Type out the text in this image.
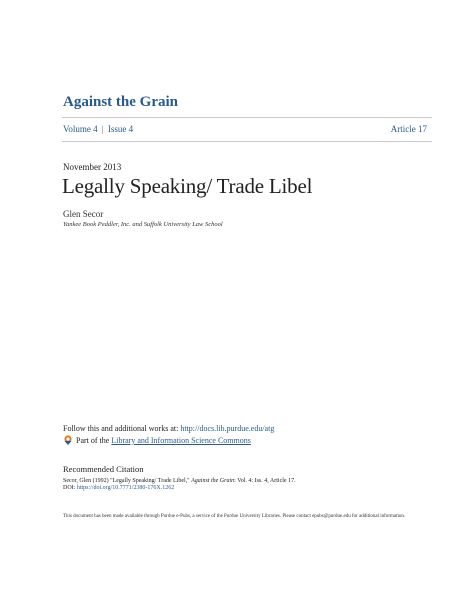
Against the Grain
Volume 4 | Issue 4	Article 17
November 2013
Legally Speaking/ Trade Libel
Glen Secor
Yankee Book Peddler, Inc. and Suffolk University Law School
Follow this and additional works at: http://docs.lib.purdue.edu/atg
Part of the
Library and Information Science Commons
Recommended Citation
Secor, Glen (1992) "Legally Speaking/ Trade Libel," Against the Grain: Vol. 4: Iss. 4, Article 17.
DOI: https://doi.org/10.7771/2380-176X.1262
This document has been made available through Purdue e-Pubs, a service of the Purdue University Libraries. Please contact epubs@purdue.edu for additional information.
